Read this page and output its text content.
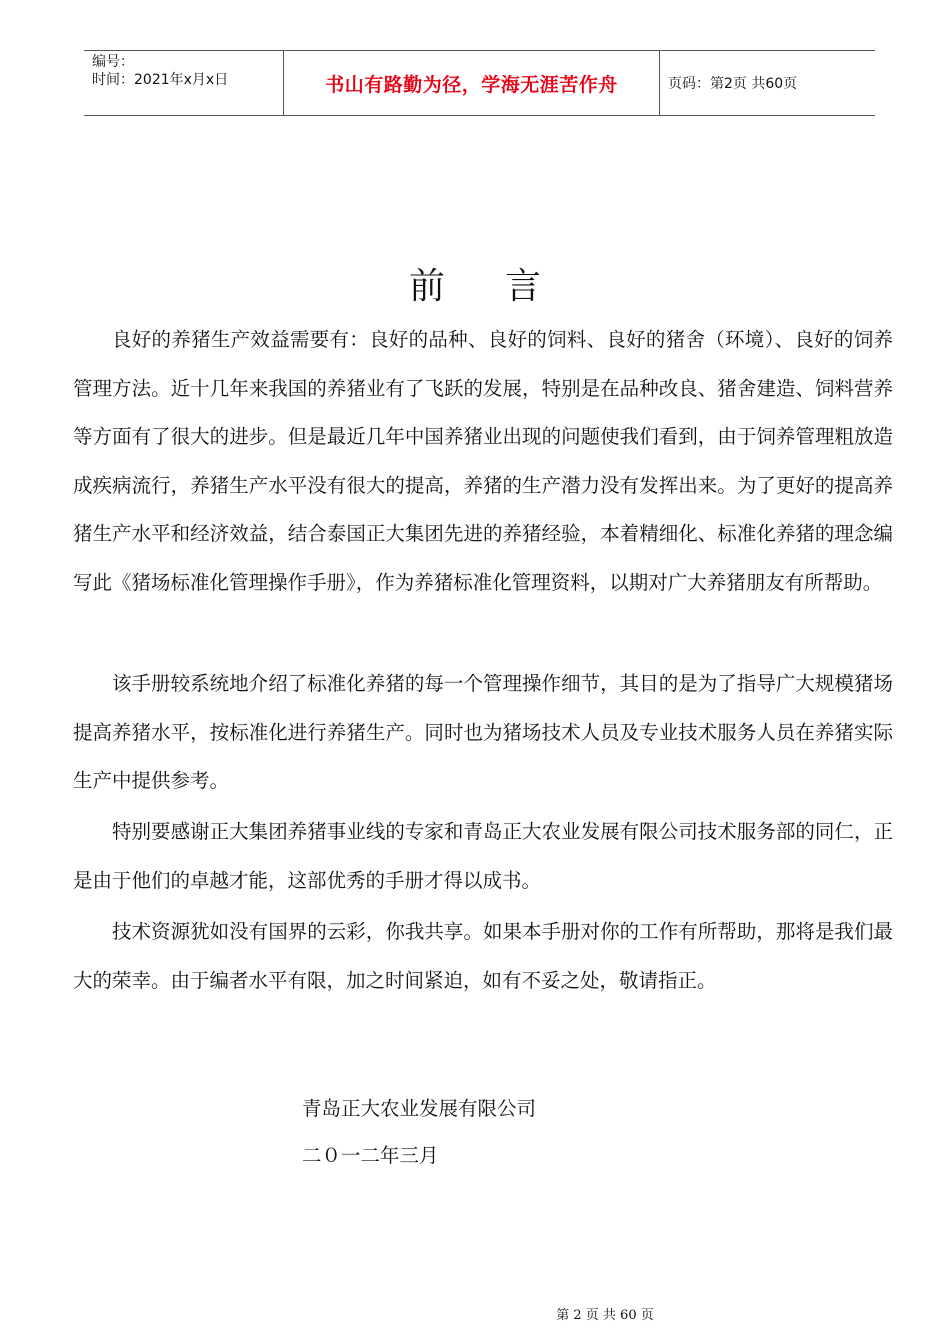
编号：
时间：2021年x月x日	书山有路勤为径，学海无涯苦作舟	页码：第2页 共60页
前言

良好的养猪生产效益需要有：良好的品种、良好的饲料、良好的猪舍（环境）、良好的饲养管理方法。近十几年来我国的养猪业有了飞跃的发展，特别是在品种改良、猪舍建造、饲料营养等方面有了很大的进步。但是最近几年中国养猪业出现的问题使我们看到，由于饲养管理粗放造成疾病流行，养猪生产水平没有很大的提高，养猪的生产潜力没有发挥出来。为了更好的提高养猪生产水平和经济效益，结合泰国正大集团先进的养猪经验，本着精细化、标准化养猪的理念编写此《猪场标准化管理操作手册》，作为养猪标准化管理资料，以期对广大养猪朋友有所帮助。

该手册较系统地介绍了标准化养猪的每一个管理操作细节，其目的是为了指导广大规模猪场提高养猪水平，按标准化进行养猪生产。同时也为猪场技术人员及专业技术服务人员在养猪实际生产中提供参考。

特别要感谢正大集团养猪事业线的专家和青岛正大农业发展有限公司技术服务部的同仁，正是由于他们的卓越才能，这部优秀的手册才得以成书。

技术资源犹如没有国界的云彩，你我共享。如果本手册对你的工作有所帮助，那将是我们最大的荣幸。由于编者水平有限，加之时间紧迫，如有不妥之处，敬请指正。

青岛正大农业发展有限公司
二０一二年三月
第 2 页 共 60 页
